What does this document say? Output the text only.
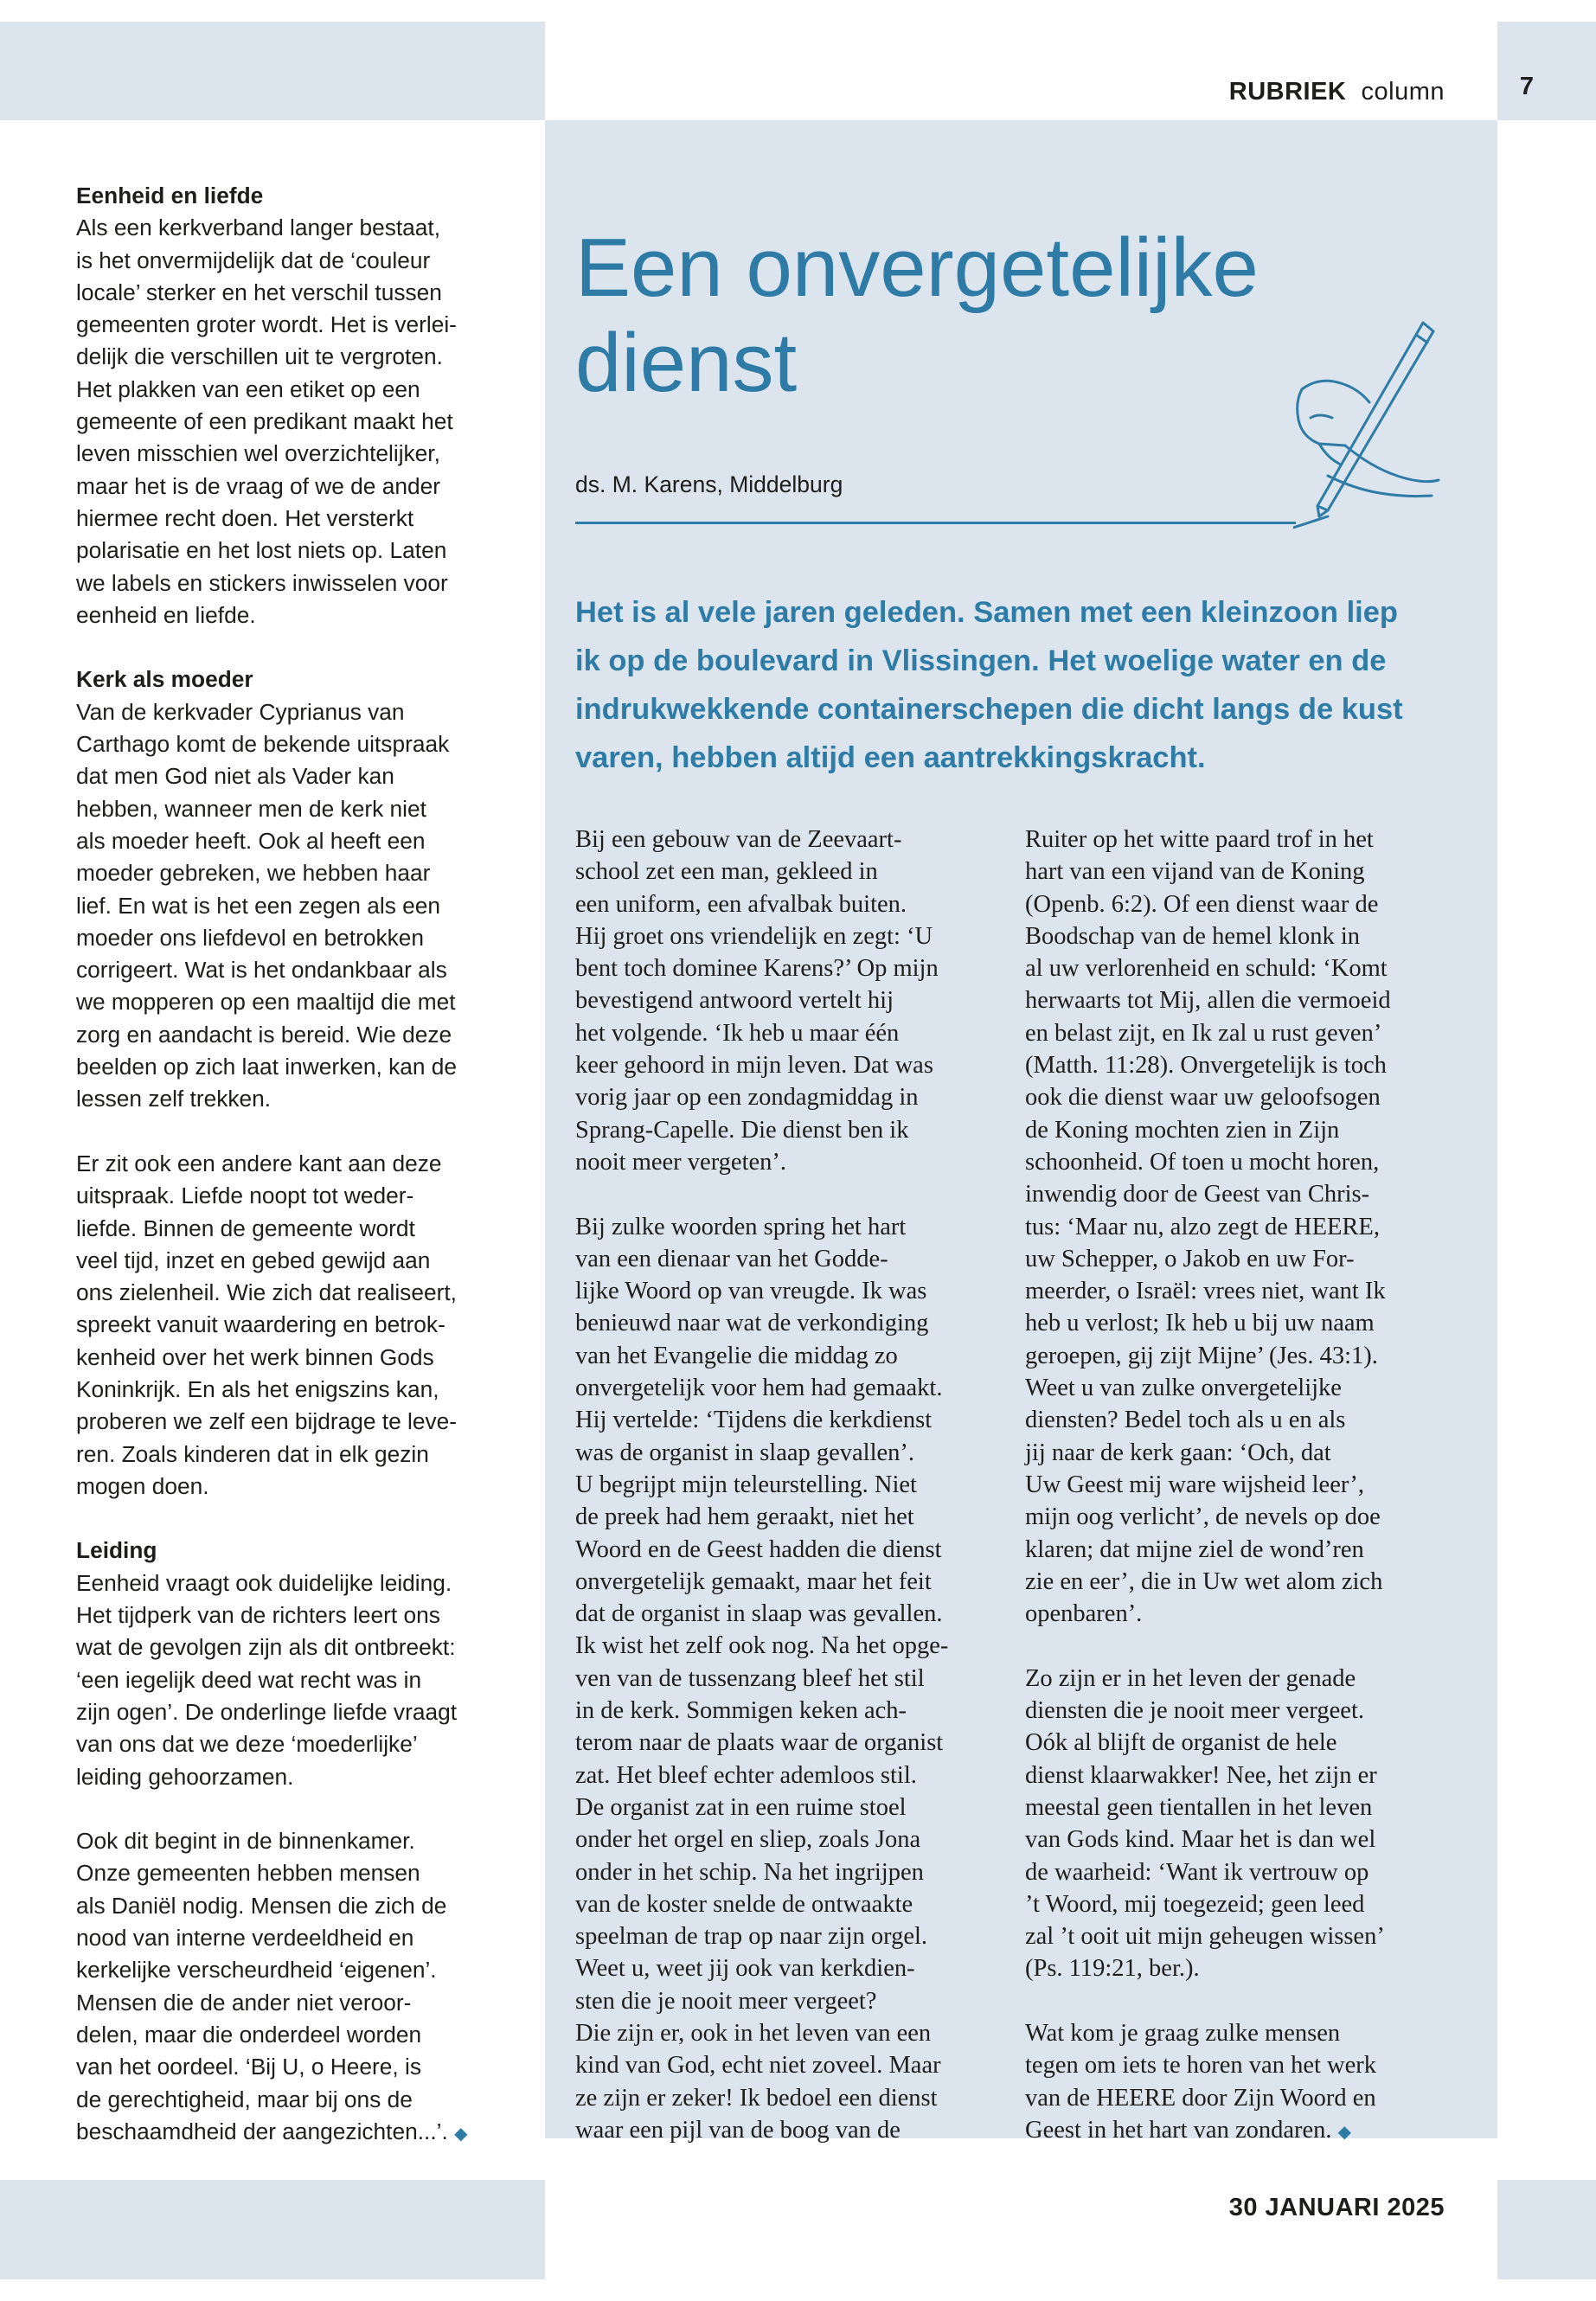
RUBRIEK column	7
Eenheid en liefde

Als een kerkverband langer bestaat,
is het onvermijdelijk dat de ‘couleur
locale’ sterker en het verschil tussen
gemeenten groter wordt. Het is verlei-
delijk die verschillen uit te vergroten.
Het plakken van een etiket op een
gemeente of een predikant maakt het
leven misschien wel overzichtelijker,
maar het is de vraag of we de ander
hiermee recht doen. Het versterkt
polarisatie en het lost niets op. Laten
we labels en stickers inwisselen voor
eenheid en liefde.

Kerk als moeder

Van de kerkvader Cyprianus van
Carthago komt de bekende uitspraak
dat men God niet als Vader kan
hebben, wanneer men de kerk niet
als moeder heeft. Ook al heeft een
moeder gebreken, we hebben haar
lief. En wat is het een zegen als een
moeder ons liefdevol en betrokken
corrigeert. Wat is het ondankbaar als
we mopperen op een maaltijd die met
zorg en aandacht is bereid. Wie deze
beelden op zich laat inwerken, kan de
lessen zelf trekken.

Er zit ook een andere kant aan deze
uitspraak. Liefde noopt tot weder-
liefde. Binnen de gemeente wordt
veel tijd, inzet en gebed gewijd aan
ons zielenheil. Wie zich dat realiseert,
spreekt vanuit waardering en betrok-
kenheid over het werk binnen Gods
Koninkrijk. En als het enigszins kan,
proberen we zelf een bijdrage te leve-
ren. Zoals kinderen dat in elk gezin
mogen doen.

Leiding

Eenheid vraagt ook duidelijke leiding.
Het tijdperk van de richters leert ons
wat de gevolgen zijn als dit ontbreekt:
‘een iegelijk deed wat recht was in
zijn ogen’. De onderlinge liefde vraagt
van ons dat we deze ‘moederlijke’
leiding gehoorzamen.

Ook dit begint in de binnenkamer.
Onze gemeenten hebben mensen
als Daniël nodig. Mensen die zich de
nood van interne verdeeldheid en
kerkelijke verscheurdheid ‘eigenen’.
Mensen die de ander niet veroor-
delen, maar die onderdeel worden
van het oordeel. ‘Bij U, o Heere, is
de gerechtigheid, maar bij ons de
beschaamdheid der aangezichten...’. ◆

Een onvergetelijke
dienst
ds. M. Karens, Middelburg

Het is al vele jaren geleden. Samen met een kleinzoon liep
ik op de boulevard in Vlissingen. Het woelige water en de
indrukwekkende containerschepen die dicht langs de kust
varen, hebben altijd een aantrekkingskracht.

Bij een gebouw van de Zeevaart-
school zet een man, gekleed in
een uniform, een afvalbak buiten.
Hij groet ons vriendelijk en zegt: ‘U
bent toch dominee Karens?’ Op mijn
bevestigend antwoord vertelt hij
het volgende. ‘Ik heb u maar één
keer gehoord in mijn leven. Dat was
vorig jaar op een zondagmiddag in
Sprang-Capelle. Die dienst ben ik
nooit meer vergeten’.

Bij zulke woorden spring het hart
van een dienaar van het Godde-
lijke Woord op van vreugde. Ik was
benieuwd naar wat de verkondiging
van het Evangelie die middag zo
onvergetelijk voor hem had gemaakt.
Hij vertelde: ‘Tijdens die kerkdienst
was de organist in slaap gevallen’.
U begrijpt mijn teleurstelling. Niet
de preek had hem geraakt, niet het
Woord en de Geest hadden die dienst
onvergetelijk gemaakt, maar het feit
dat de organist in slaap was gevallen.
Ik wist het zelf ook nog. Na het opge-
ven van de tussenzang bleef het stil
in de kerk. Sommigen keken ach-
terom naar de plaats waar de organist
zat. Het bleef echter ademloos stil.
De organist zat in een ruime stoel
onder het orgel en sliep, zoals Jona
onder in het schip. Na het ingrijpen
van de koster snelde de ontwaakte
speelman de trap op naar zijn orgel.
Weet u, weet jij ook van kerkdien-
sten die je nooit meer vergeet?
Die zijn er, ook in het leven van een
kind van God, echt niet zoveel. Maar
ze zijn er zeker! Ik bedoel een dienst
waar een pijl van de boog van de

Ruiter op het witte paard trof in het
hart van een vijand van de Koning
(Openb. 6:2). Of een dienst waar de
Boodschap van de hemel klonk in
al uw verlorenheid en schuld: ‘Komt
herwaarts tot Mij, allen die vermoeid
en belast zijt, en Ik zal u rust geven’
(Matth. 11:28). Onvergetelijk is toch
ook die dienst waar uw geloofsogen
de Koning mochten zien in Zijn
schoonheid. Of toen u mocht horen,
inwendig door de Geest van Chris-
tus: ‘Maar nu, alzo zegt de HEERE,
uw Schepper, o Jakob en uw For-
meerder, o Israël: vrees niet, want Ik
heb u verlost; Ik heb u bij uw naam
geroepen, gij zijt Mijne’ (Jes. 43:1).
Weet u van zulke onvergetelijke
diensten? Bedel toch als u en als
jij naar de kerk gaan: ‘Och, dat
Uw Geest mij ware wijsheid leer’,
mijn oog verlicht’, de nevels op doe
klaren; dat mijne ziel de wond’ren
zie en eer’, die in Uw wet alom zich
openbaren’.

Zo zijn er in het leven der genade
diensten die je nooit meer vergeet.
Oók al blijft de organist de hele
dienst klaarwakker! Nee, het zijn er
meestal geen tientallen in het leven
van Gods kind. Maar het is dan wel
de waarheid: ‘Want ik vertrouw op
’t Woord, mij toegezeid; geen leed
zal ’t ooit uit mijn geheugen wissen’
(Ps. 119:21, ber.).

Wat kom je graag zulke mensen
tegen om iets te horen van het werk
van de HEERE door Zijn Woord en
Geest in het hart van zondaren. ◆

30 JANUARI 2025
